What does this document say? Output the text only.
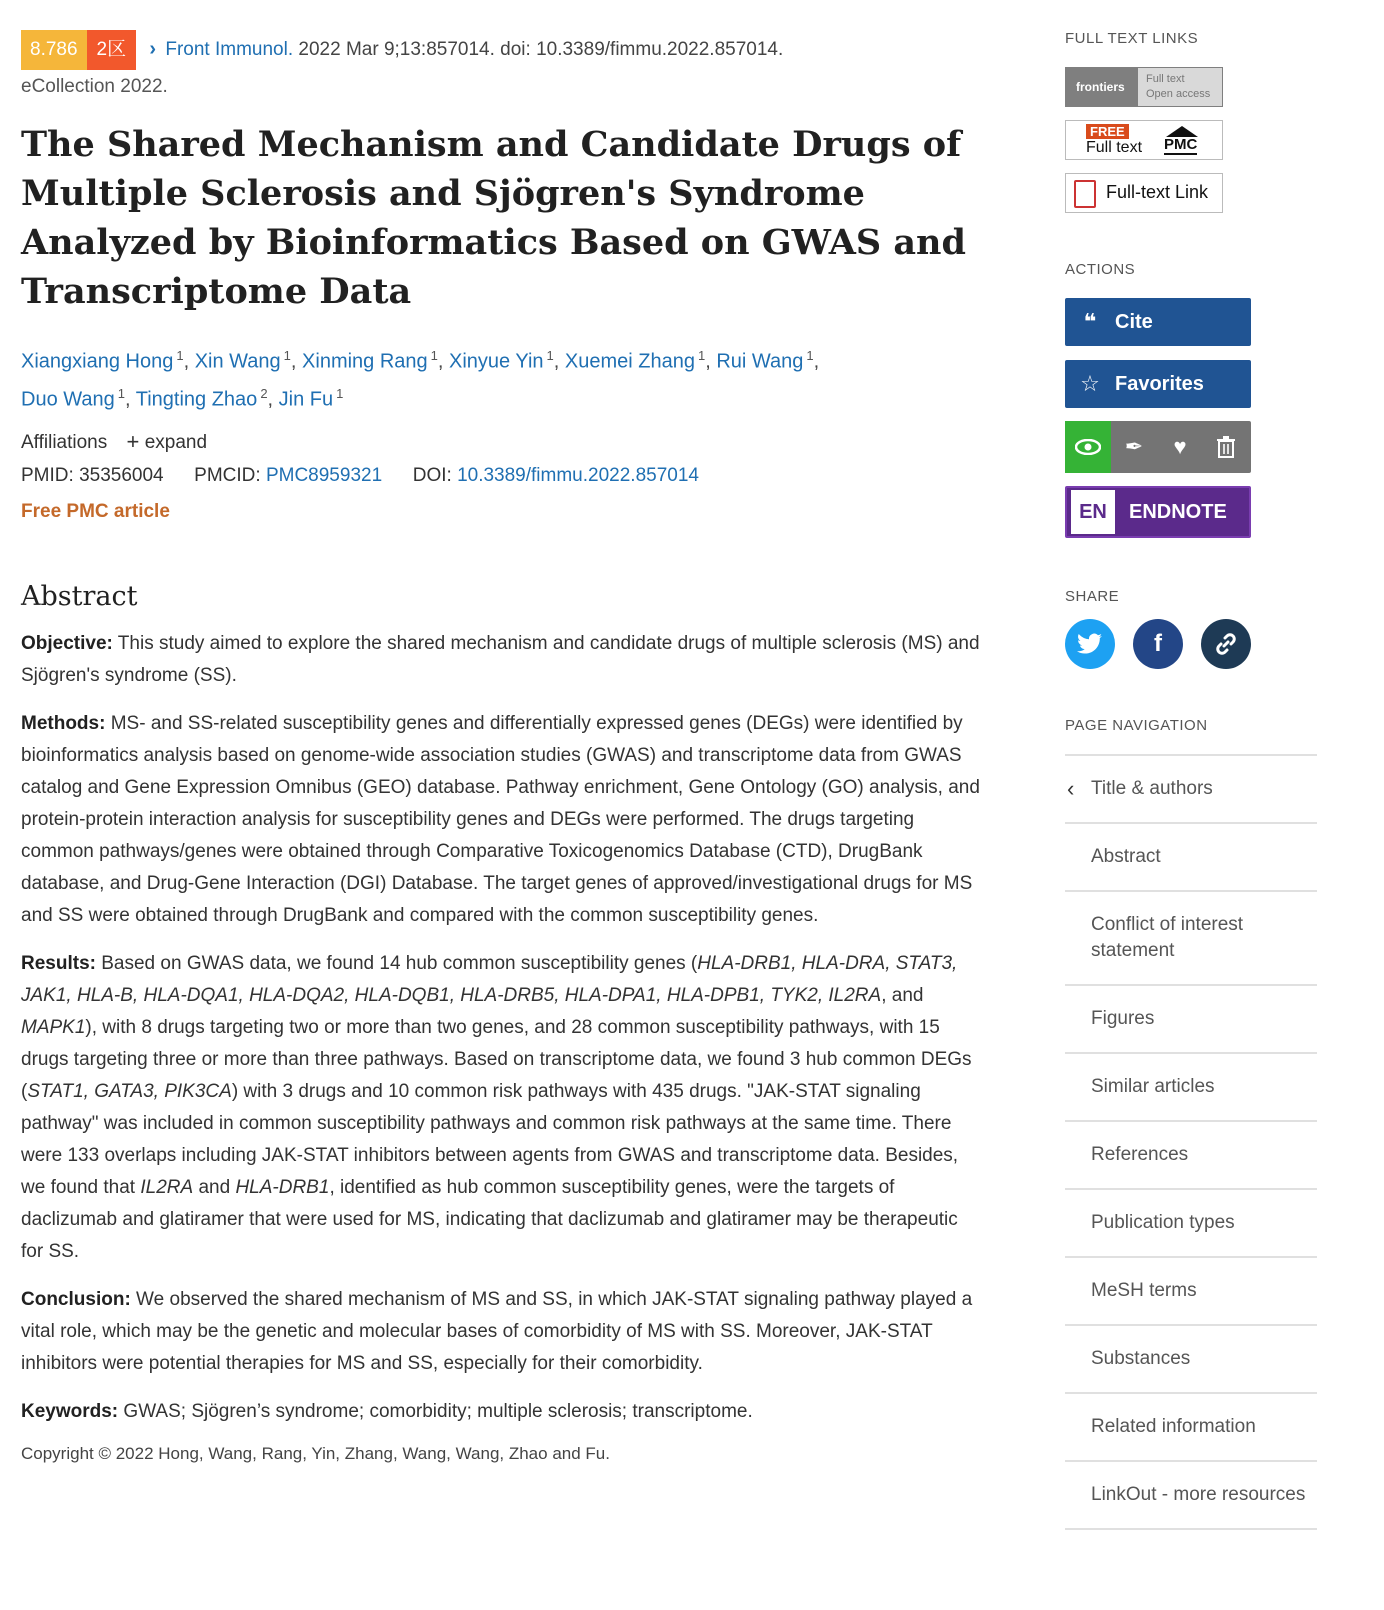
8.786	2区	› Front Immunol. 2022 Mar 9;13:857014. doi: 10.3389/fimmu.2022.857014.
eCollection 2022.
The Shared Mechanism and Candidate Drugs of Multiple Sclerosis and Sjögren's Syndrome Analyzed by Bioinformatics Based on GWAS and Transcriptome Data
Xiangxiang Hong $^1$, Xin Wang $^1$, Xinming Rang $^1$, Xinyue Yin $^1$, Xuemei Zhang $^1$, Rui Wang $^1$,
Duo Wang $^1$, Tingting Zhao $^2$, Jin Fu $^1$
Affiliations + expand
PMID: 35356004 PMCID: PMC8959321 DOI: 10.3389/fimmu.2022.857014
Free PMC article
Abstract

Objective: This study aimed to explore the shared mechanism and candidate drugs of multiple sclerosis (MS) and Sjögren's syndrome (SS).

Methods: MS- and SS-related susceptibility genes and differentially expressed genes (DEGs) were identified by bioinformatics analysis based on genome-wide association studies (GWAS) and transcriptome data from GWAS catalog and Gene Expression Omnibus (GEO) database. Pathway enrichment, Gene Ontology (GO) analysis, and protein-protein interaction analysis for susceptibility genes and DEGs were performed. The drugs targeting common pathways/genes were obtained through Comparative Toxicogenomics Database (CTD), DrugBank database, and Drug-Gene Interaction (DGI) Database. The target genes of approved/investigational drugs for MS and SS were obtained through DrugBank and compared with the common susceptibility genes.

Results: Based on GWAS data, we found 14 hub common susceptibility genes (HLA-DRB1, HLA-DRA, STAT3, JAK1, HLA-B, HLA-DQA1, HLA-DQA2, HLA-DQB1, HLA-DRB5, HLA-DPA1, HLA-DPB1, TYK2, IL2RA, and MAPK1), with 8 drugs targeting two or more than two genes, and 28 common susceptibility pathways, with 15 drugs targeting three or more than three pathways. Based on transcriptome data, we found 3 hub common DEGs (STAT1, GATA3, PIK3CA) with 3 drugs and 10 common risk pathways with 435 drugs. "JAK-STAT signaling pathway" was included in common susceptibility pathways and common risk pathways at the same time. There were 133 overlaps including JAK-STAT inhibitors between agents from GWAS and transcriptome data. Besides, we found that IL2RA and HLA-DRB1, identified as hub common susceptibility genes, were the targets of daclizumab and glatiramer that were used for MS, indicating that daclizumab and glatiramer may be therapeutic for SS.

Conclusion: We observed the shared mechanism of MS and SS, in which JAK-STAT signaling pathway played a vital role, which may be the genetic and molecular bases of comorbidity of MS with SS. Moreover, JAK-STAT inhibitors were potential therapies for MS and SS, especially for their comorbidity.

Keywords: GWAS; Sjögren’s syndrome; comorbidity; multiple sclerosis; transcriptome.

Copyright © 2022 Hong, Wang, Rang, Yin, Zhang, Wang, Wang, Zhao and Fu.
FULL TEXT LINKS
frontiers
Full text
Open access
FREE
Full text PMC
Full-text Link
ACTIONS
❝ Cite
☆ Favorites
✒	♥
EN	ENDNOTE
SHARE
f
PAGE NAVIGATION
‹ Title & authors
Abstract
Conflict of interest statement
Figures
Similar articles
References
Publication types
MeSH terms
Substances
Related information
LinkOut - more resources
